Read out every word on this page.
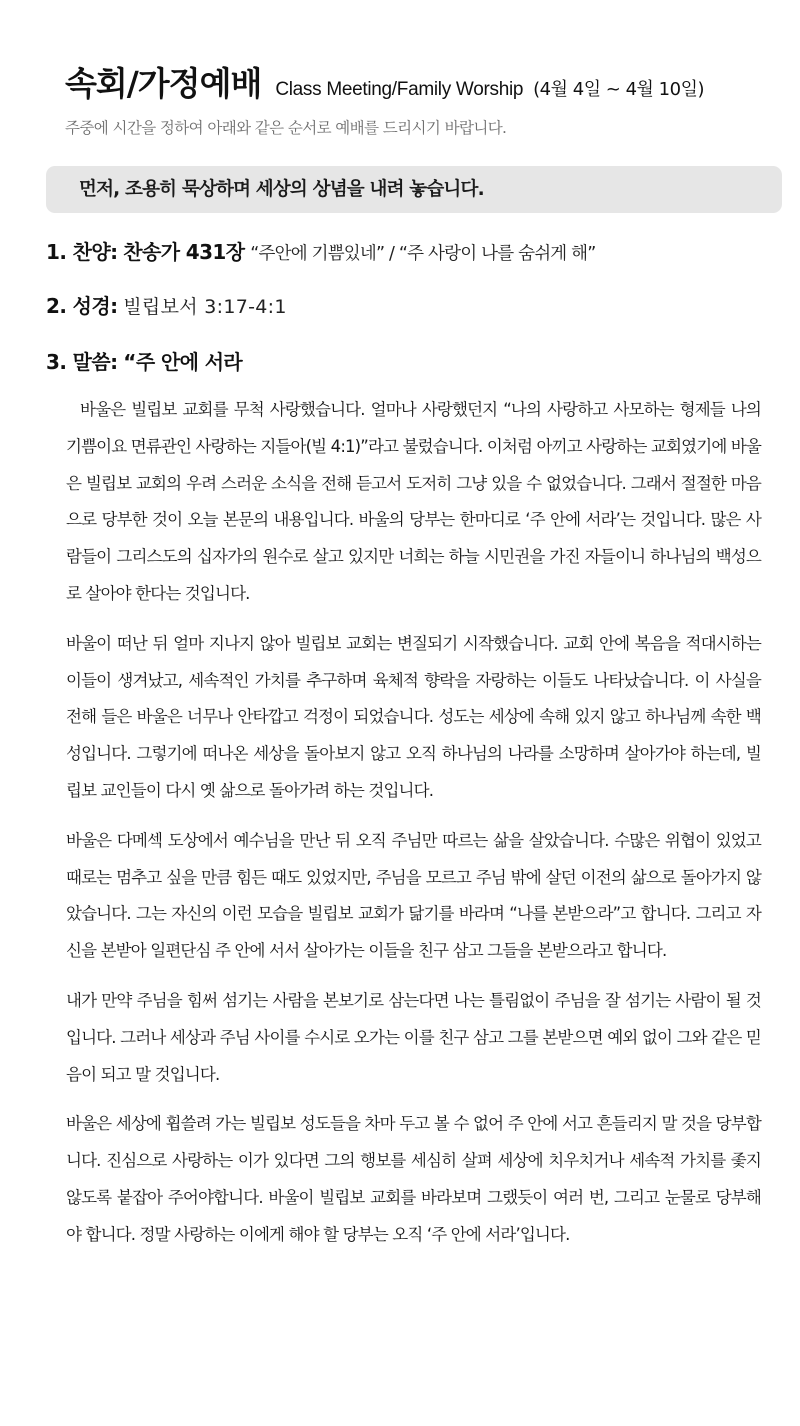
속회/가정예배 Class Meeting/Family Worship (4월 4일 ~ 4월 10일)
주중에 시간을 정하여 아래와 같은 순서로 예배를 드리시기 바랍니다.
먼저, 조용히 묵상하며 세상의 상념을 내려 놓습니다.
1. 찬양: 찬송가 431장 “주안에 기쁨있네” / “주 사랑이 나를 숨쉬게 해”
2. 성경: 빌립보서 3:17-4:1
3. 말씀: “주 안에 서라

바울은 빌립보 교회를 무척 사랑했습니다. 얼마나 사랑했던지 “나의 사랑하고 사모하는 형제들 나의 기쁨이요 면류관인 사랑하는 지들아(빌 4:1)”라고 불렀습니다. 이처럼 아끼고 사랑하는 교회였기에 바울은 빌립보 교회의 우려 스러운 소식을 전해 듣고서 도저히 그냥 있을 수 없었습니다. 그래서 절절한 마음으로 당부한 것이 오늘 본문의 내용입니다. 바울의 당부는 한마디로 ‘주 안에 서라’는 것입니다. 많은 사람들이 그리스도의 십자가의 원수로 살고 있지만 너희는 하늘 시민권을 가진 자들이니 하나님의 백성으로 살아야 한다는 것입니다.

바울이 떠난 뒤 얼마 지나지 않아 빌립보 교회는 변질되기 시작했습니다. 교회 안에 복음을 적대시하는 이들이 생겨났고, 세속적인 가치를 추구하며 육체적 향락을 자랑하는 이들도 나타났습니다. 이 사실을 전해 들은 바울은 너무나 안타깝고 걱정이 되었습니다. 성도는 세상에 속해 있지 않고 하나님께 속한 백성입니다. 그렇기에 떠나온 세상을 돌아보지 않고 오직 하나님의 나라를 소망하며 살아가야 하는데, 빌립보 교인들이 다시 옛 삶으로 돌아가려 하는 것입니다.

바울은 다메섹 도상에서 예수님을 만난 뒤 오직 주님만 따르는 삶을 살았습니다. 수많은 위협이 있었고 때로는 멈추고 싶을 만큼 힘든 때도 있었지만, 주님을 모르고 주님 밖에 살던 이전의 삶으로 돌아가지 않았습니다. 그는 자신의 이런 모습을 빌립보 교회가 닮기를 바라며 “나를 본받으라”고 합니다. 그리고 자신을 본받아 일편단심 주 안에 서서 살아가는 이들을 친구 삼고 그들을 본받으라고 합니다.

내가 만약 주님을 힘써 섬기는 사람을 본보기로 삼는다면 나는 틀림없이 주님을 잘 섬기는 사람이 될 것입니다. 그러나 세상과 주님 사이를 수시로 오가는 이를 친구 삼고 그를 본받으면 예외 없이 그와 같은 믿음이 되고 말 것입니다.

바울은 세상에 휩쓸려 가는 빌립보 성도들을 차마 두고 볼 수 없어 주 안에 서고 흔들리지 말 것을 당부합니다. 진심으로 사랑하는 이가 있다면 그의 행보를 세심히 살펴 세상에 치우치거나 세속적 가치를 좇지 않도록 붙잡아 주어야합니다. 바울이 빌립보 교회를 바라보며 그랬듯이 여러 번, 그리고 눈물로 당부해야 합니다. 정말 사랑하는 이에게 해야 할 당부는 오직 ‘주 안에 서라’입니다.
